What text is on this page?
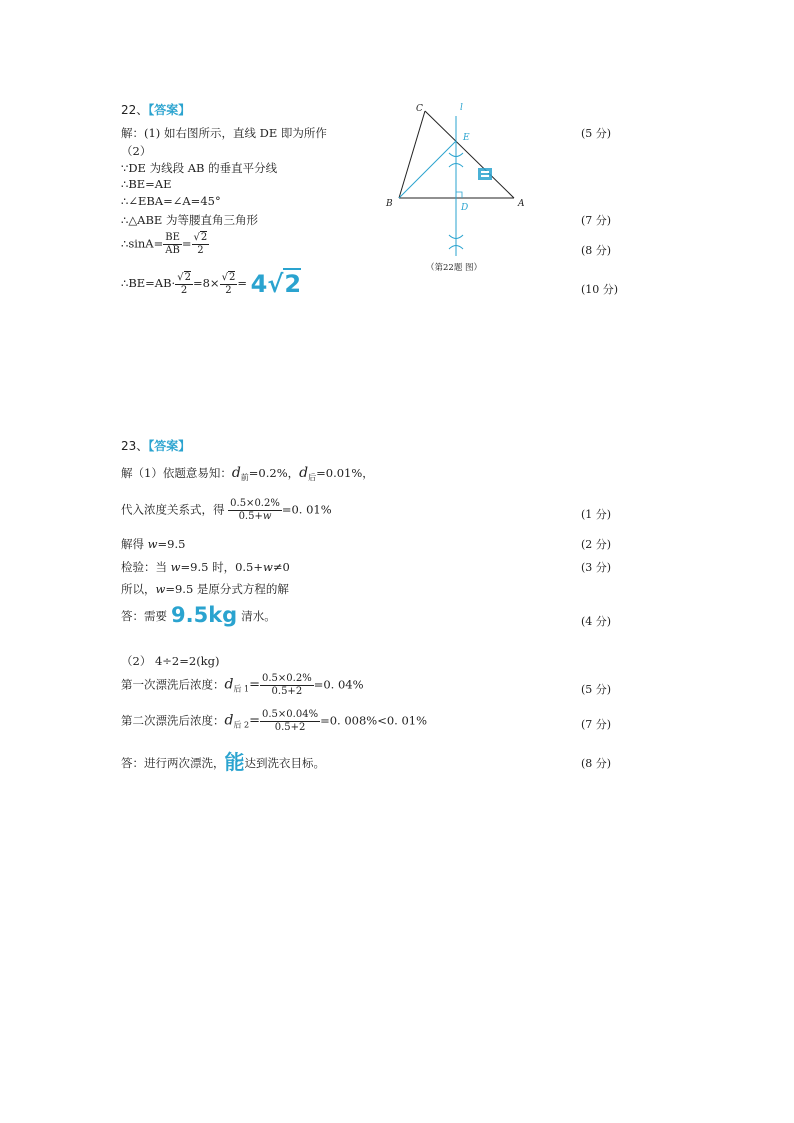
22、【答案】
解：(1) 如右图所示，直线 DE 即为所作	(5 分)
（2）
∵DE 为线段 AB 的垂直平分线
∴BE=AE
∴∠EBA=∠A=45°
∴△ABE 为等腰直角三角形	(7 分)
∴sinA= $\frac{BE}{AB} = \frac{√2}{2}$	(8 分)
∴BE=AB· $\frac{√2}{2} =8\times \frac{√2}{2} = 4√2$	(10 分)
C	l
E
B	D	A
（第22题 图）
23、【答案】
解（1）依题意易知：$d_前=0.2\%$，$d_后=0.01\%$，
代入浓度关系式，得 $\frac{0.5\times 0.2\%}{0.5+w} =0$. 01%	(1 分)
解得 w=9.5	(2 分)
检验：当 w=9.5 时，0.5+w≠0	(3 分)
所以，w=9.5 是原分式方程的解
答：需要 9.5kg 清水。	(4 分)
（2） 4÷2=2(kg)
第一次漂洗后浓度：$d_{后 1}= \frac{0.5\times 0.2\%}{0.5+2} =0$. 04%	(5 分)
第二次漂洗后浓度：$d_{后 2}= \frac{0.5\times 0.04\%}{0.5+2} =0$. 008%<0. 01%	(7 分)
答：进行两次漂洗，能达到洗衣目标。	(8 分)
